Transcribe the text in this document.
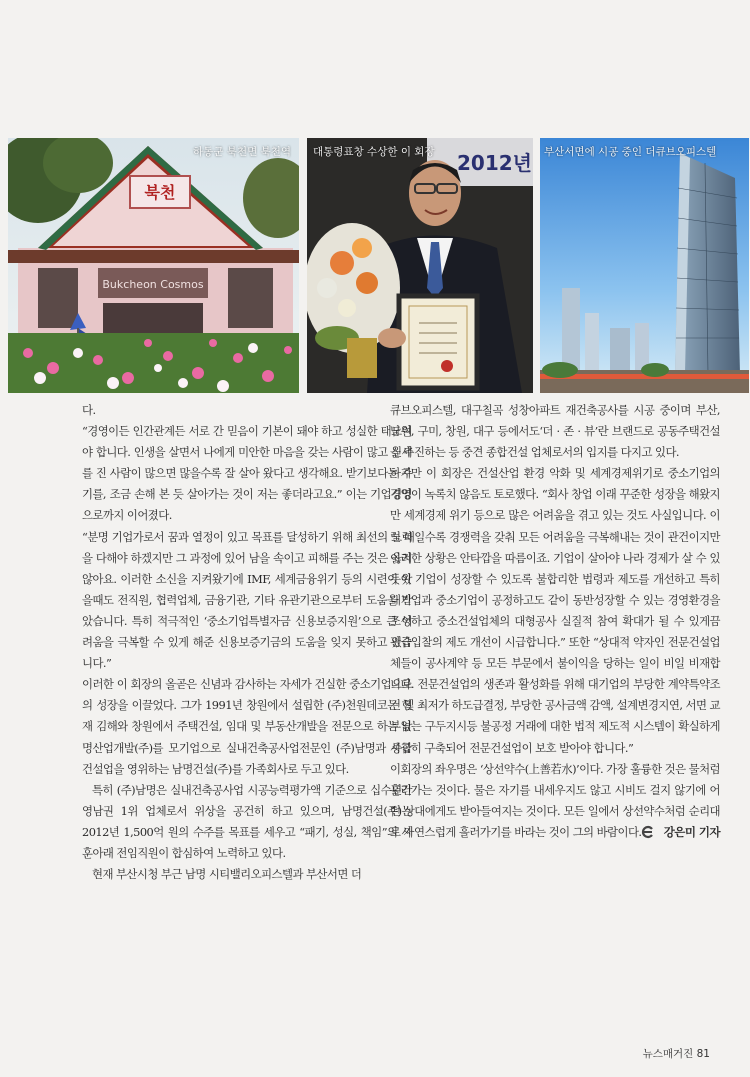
북천
Bukcheon Cosmos
하동군 북천면 북천역	2012년
대통령표창 수상한 이 회장	부산서면에 시공 중인 더큐브오피스텔

다.

“경영이든 인간관계든 서로 간 믿음이 기본이 돼야 하고 성실한 태도여야 합니다. 인생을 살면서 나에게 미안한 마음을 갖는 사람이 많고 신세를 진 사람이 많으면 많을수록 잘 살아 왔다고 생각해요. 받기보다는 주기를, 조금 손해 본 듯 살아가는 것이 저는 좋더라고요.” 이는 기업경영으로까지 이어졌다.

“분명 기업가로서 꿈과 열정이 있고 목표를 달성하기 위해 최선의 노력을 다해야 하겠지만 그 과정에 있어 남을 속이고 피해를 주는 것은 옳지 않아요. 이러한 소신을 지켜왔기에 IMF, 세계금융위기 등의 시련이 왔을때도 전직원, 협력업체, 금융기관, 기타 유관기관으로부터 도움을 받았습니다. 특히 적극적인 ‘중소기업특별자금 신용보증지원’으로 큰 어려움을 극복할 수 있게 해준 신용보증기금의 도움을 잊지 못하고 있습니다.”

이러한 이 회장의 올곧은 신념과 감사하는 자세가 건실한 중소기업으로의 성장을 이끌었다. 그가 1991년 창원에서 설립한 (주)천원데코는 현재 김해와 창원에서 주택건설, 임대 및 부동산개발을 전문으로 하는 남명산업개발(주)를 모기업으로 실내건축공사업전문인 (주)남명과 종합건설업을 영위하는 남명건설(주)를 가족회사로 두고 있다.

특히 (주)남명은 실내건축공사업 시공능력평가액 기준으로 십수년간 영남권 1위 업체로서 위상을 공건히 하고 있으며, 남명건설(주)는 2012년 1,500억 원의 수주를 목표를 세우고 “패기, 성실, 책임”의 사훈아래 전임직원이 합심하여 노력하고 있다.

현재 부산시청 부근 남명 시티밸리오피스텔과 부산서면 더

큐브오피스텔, 대구칠곡 성창아파트 재건축공사를 시공 중이며 부산, 남원, 구미, 창원, 대구 등에서도‘더 · 존 · 뷰’란 브랜드로 공동주택건설을 추진하는 등 중견 종합건설 업체로서의 입지를 다지고 있다.

하지만 이 회장은 건설산업 환경 악화 및 세계경제위기로 중소기업의 경영이 녹록치 않음도 토로했다. “회사 창업 이래 꾸준한 성장을 해왔지만 세계경제 위기 등으로 많은 어려움을 겪고 있는 것도 사실입니다. 이럴 때일수록 경쟁력을 갖춰 모든 어려움을 극복해내는 것이 관건이지만 이러한 상황은 안타깝을 따름이죠. 기업이 살아야 나라 경제가 살 수 있듯이 기업이 성장할 수 있도록 불합리한 법령과 제도를 개선하고 특히 대기업과 중소기업이 공정하고도 같이 동반성장할 수 있는 경영환경을 조성하고 중소건설업체의 대형공사 실질적 참여 확대가 될 수 있게끔 관급입찰의 제도 개선이 시급합니다.” 또한 “상대적 약자인 전문건설업체들이 공사계약 등 모든 부문에서 불이익을 당하는 일이 비일 비재합니다. 전문건설업의 생존과 활성화를 위해 대기업의 부당한 계약특약조건 및 최저가 하도급결정, 부당한 공사금액 감액, 설계변경지연, 서면 교부없는 구두지시등 불공정 거래에 대한 법적 제도적 시스템이 확실하게 시급히 구축되어 전문건설업이 보호 받아야 합니다.”

이회장의 좌우명은 ‘상선약수(上善若水)’이다. 가장 훌륭한 것은 물처럼 흘러가는 것이다. 물은 자기를 내세우지도 않고 시비도 걸지 않기에 어떤 상대에게도 받아들여지는 것이다. 모든 일에서 상선약수처럼 순리대로 자연스럽게 흘러가기를 바라는 것이 그의 바람이다.	강은미 기자
뉴스매거진 81
